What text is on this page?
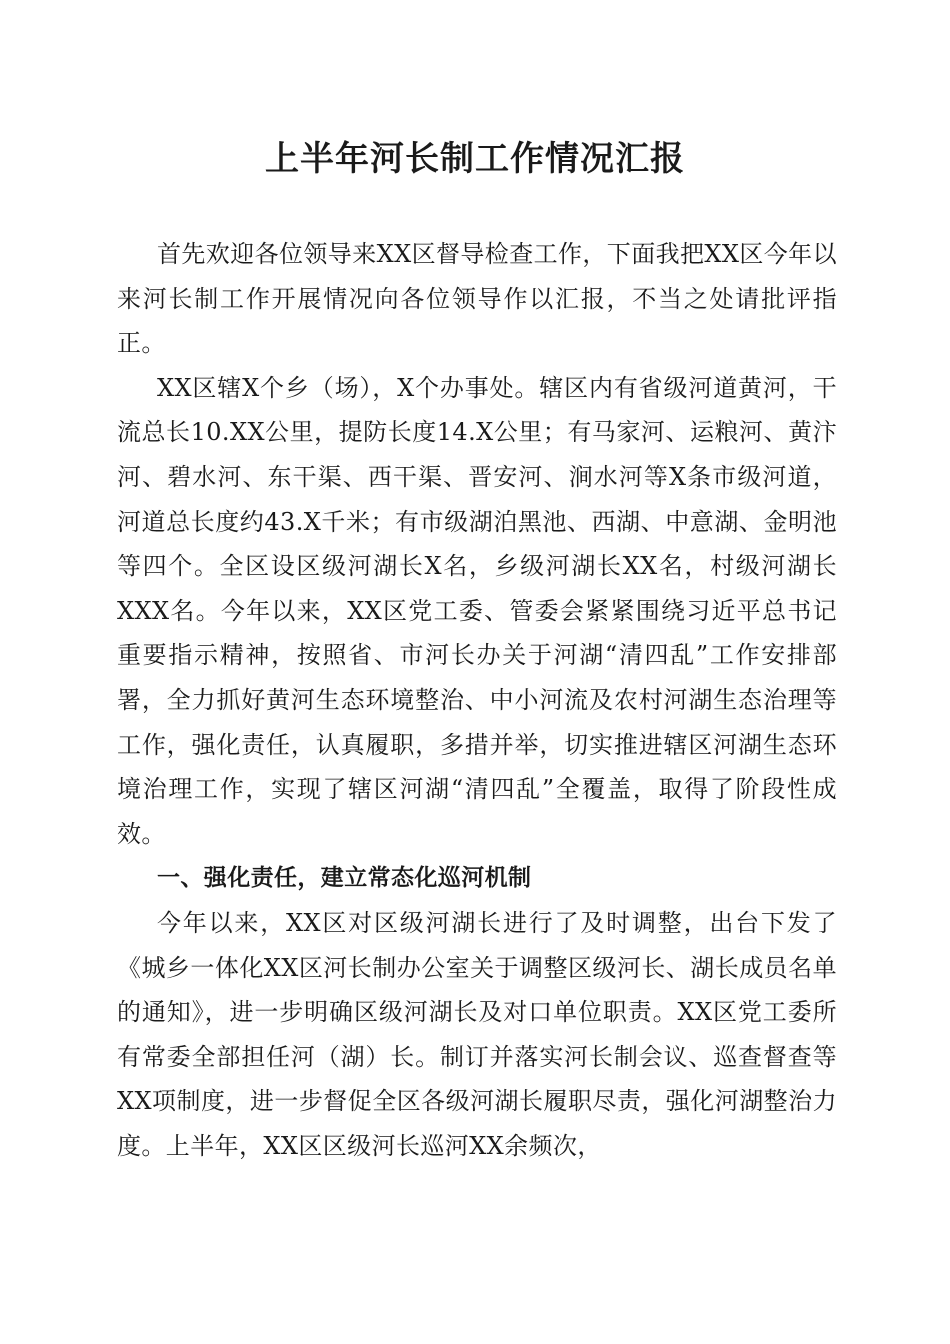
上半年河长制工作情况汇报

首先欢迎各位领导来XX区督导检查工作，下面我把XX区今年以来河长制工作开展情况向各位领导作以汇报，不当之处请批评指正。

XX区辖X个乡（场），X个办事处。辖区内有省级河道黄河，干流总长10.XX公里，提防长度14.X公里；有马家河、运粮河、黄汴河、碧水河、东干渠、西干渠、晋安河、涧水河等X条市级河道，河道总长度约43.X千米；有市级湖泊黑池、西湖、中意湖、金明池等四个。全区设区级河湖长X名，乡级河湖长XX名，村级河湖长XXX名。今年以来，XX区党工委、管委会紧紧围绕习近平总书记重要指示精神，按照省、市河长办关于河湖“清四乱”工作安排部署，全力抓好黄河生态环境整治、中小河流及农村河湖生态治理等工作，强化责任，认真履职，多措并举，切实推进辖区河湖生态环境治理工作，实现了辖区河湖“清四乱”全覆盖，取得了阶段性成效。

一、强化责任，建立常态化巡河机制

今年以来，XX区对区级河湖长进行了及时调整，出台下发了《城乡一体化XX区河长制办公室关于调整区级河长、湖长成员名单的通知》，进一步明确区级河湖长及对口单位职责。XX区党工委所有常委全部担任河（湖）长。制订并落实河长制会议、巡查督查等XX项制度，进一步督促全区各级河湖长履职尽责，强化河湖整治力度。上半年，XX区区级河长巡河XX余频次，
